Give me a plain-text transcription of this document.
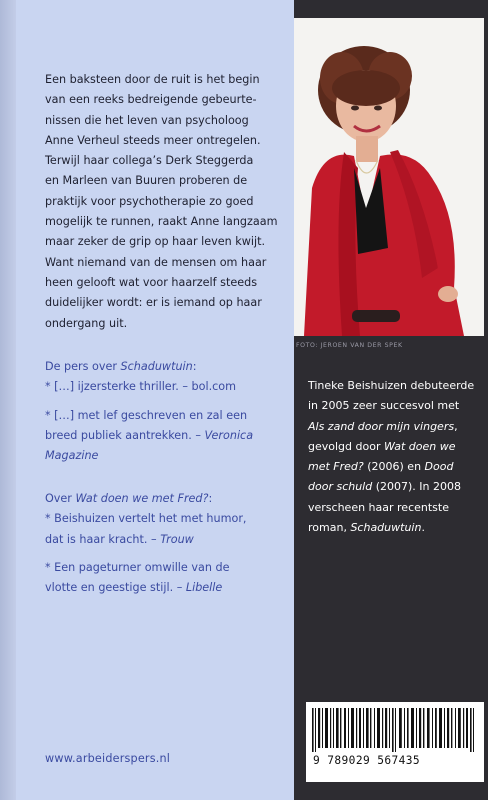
Een baksteen door de ruit is het begin
van een reeks bedreigende gebeurte-
nissen die het leven van psycholoog
Anne Verheul steeds meer ontregelen.
Terwijl haar collega’s Derk Steggerda
en Marleen van Buuren proberen de
praktijk voor psychotherapie zo goed
mogelijk te runnen, raakt Anne langzaam
maar zeker de grip op haar leven kwijt.
Want niemand van de mensen om haar
heen gelooft wat voor haarzelf steeds
duidelijker wordt: er is iemand op haar
ondergang uit.
De pers over Schaduwtuin:
* […] ijzersterke thriller. – bol.com
* […] met lef geschreven en zal een
breed publiek aantrekken. – Veronica
Magazine
Over Wat doen we met Fred?:
* Beishuizen vertelt het met humor,
dat is haar kracht. – Trouw
* Een pageturner omwille van de
vlotte en geestige stijl. – Libelle
www.arbeiderspers.nl
FOTO: JEROEN VAN DER SPEK
Tineke Beishuizen debuteerde
in 2005 zeer succesvol met
Als zand door mijn vingers,
gevolgd door Wat doen we
met Fred? (2006) en Dood
door schuld (2007). In 2008
verscheen haar recentste
roman, Schaduwtuin.
9 789029 567435
